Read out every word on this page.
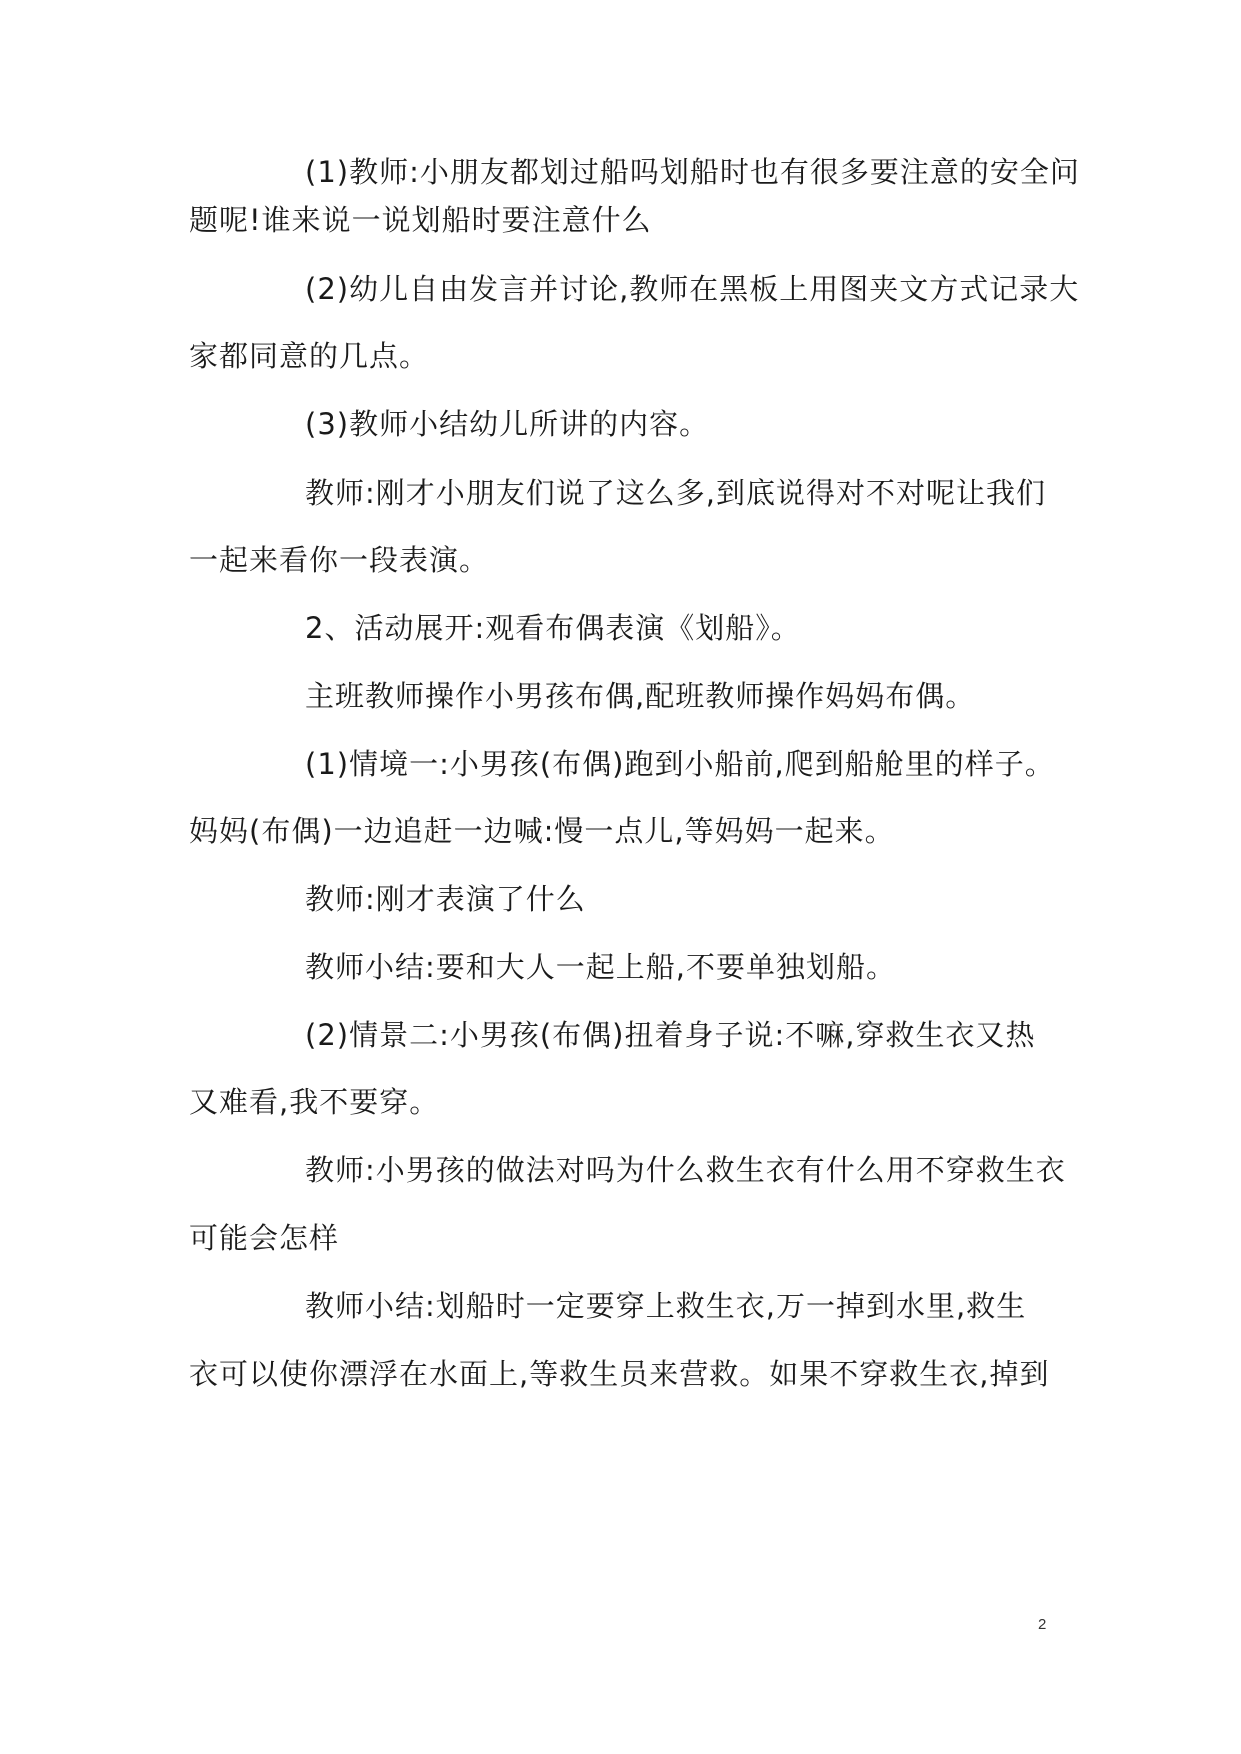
(1)教师:小朋友都划过船吗划船时也有很多要注意的安全问
题呢!谁来说一说划船时要注意什么
(2)幼儿自由发言并讨论,教师在黑板上用图夹文方式记录大
家都同意的几点。
(3)教师小结幼儿所讲的内容。
教师:刚才小朋友们说了这么多,到底说得对不对呢让我们
一起来看你一段表演。
2、活动展开:观看布偶表演《划船》。
主班教师操作小男孩布偶,配班教师操作妈妈布偶。
(1)情境一:小男孩(布偶)跑到小船前,爬到船舱里的样子。
妈妈(布偶)一边追赶一边喊:慢一点儿,等妈妈一起来。
教师:刚才表演了什么
教师小结:要和大人一起上船,不要单独划船。
(2)情景二:小男孩(布偶)扭着身子说:不嘛,穿救生衣又热
又难看,我不要穿。
教师:小男孩的做法对吗为什么救生衣有什么用不穿救生衣
可能会怎样
教师小结:划船时一定要穿上救生衣,万一掉到水里,救生
衣可以使你漂浮在水面上,等救生员来营救。如果不穿救生衣,掉到
2
